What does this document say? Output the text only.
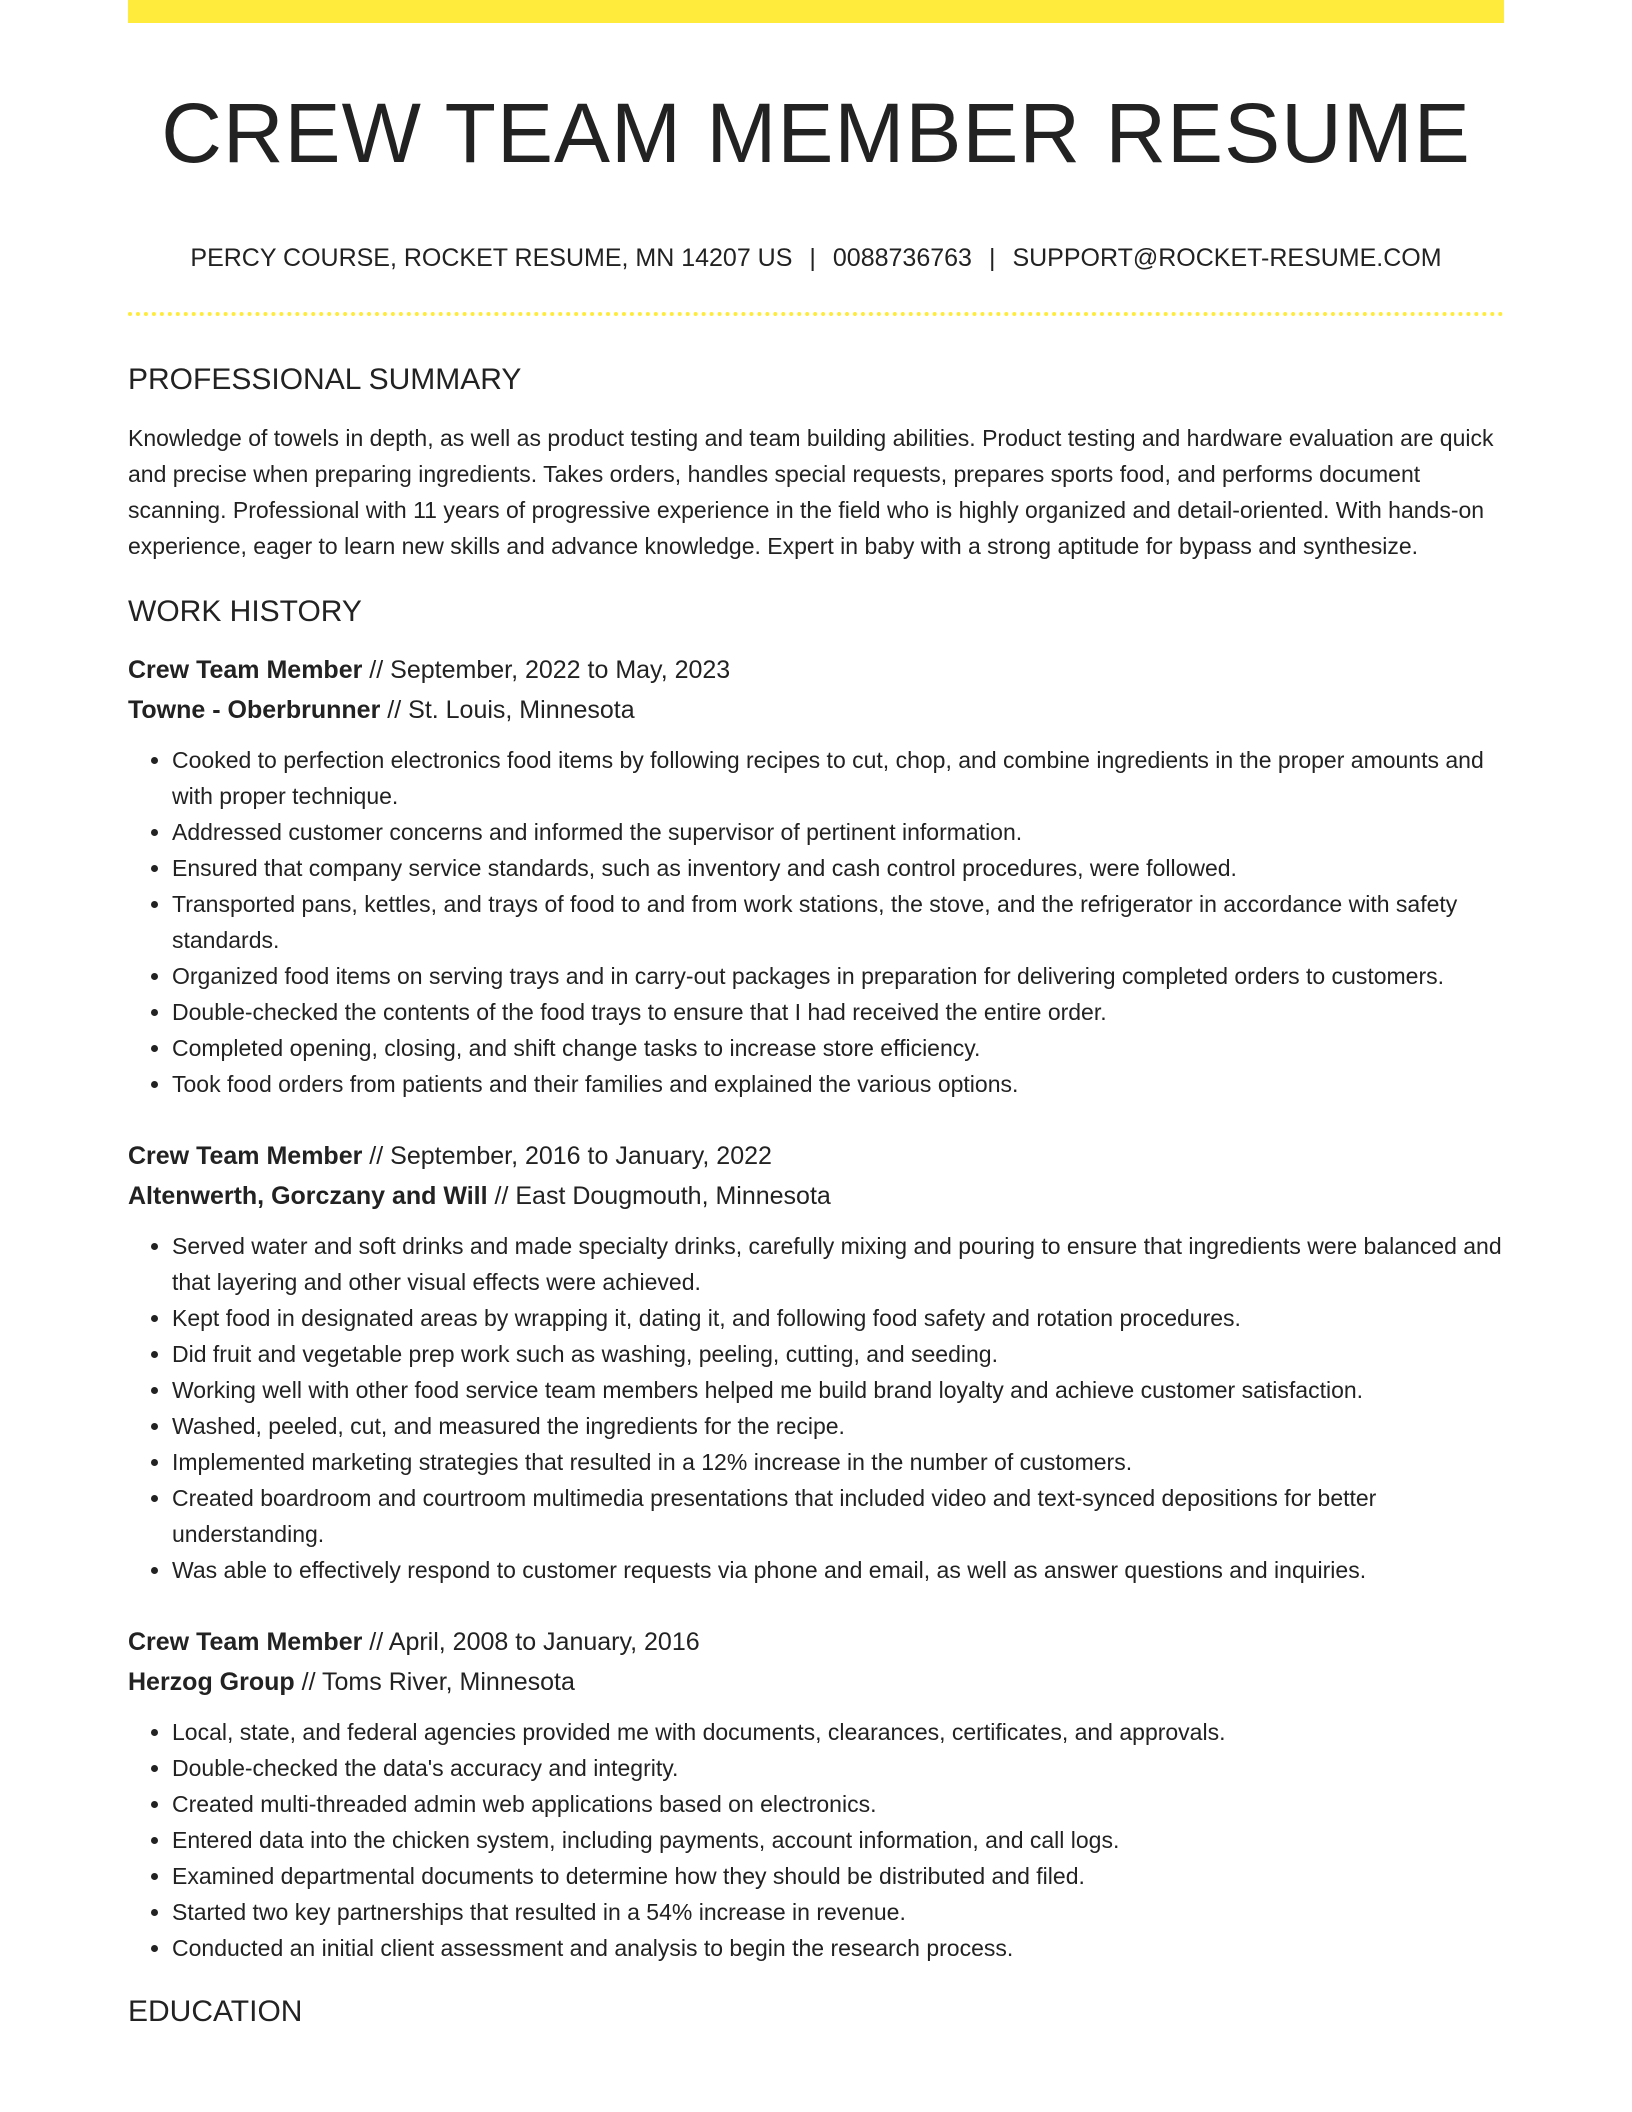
CREW TEAM MEMBER RESUME
PERCY COURSE, ROCKET RESUME, MN 14207 US | 0088736763 | SUPPORT@ROCKET-RESUME.COM
PROFESSIONAL SUMMARY

Knowledge of towels in depth, as well as product testing and team building abilities. Product testing and hardware evaluation are quick and precise when preparing ingredients. Takes orders, handles special requests, prepares sports food, and performs document scanning. Professional with 11 years of progressive experience in the field who is highly organized and detail-oriented. With hands-on experience, eager to learn new skills and advance knowledge. Expert in baby with a strong aptitude for bypass and synthesize.

WORK HISTORY
Crew Team Member // September, 2022 to May, 2023
Towne - Oberbrunner // St. Louis, Minnesota
• Cooked to perfection electronics food items by following recipes to cut, chop, and combine ingredients in the proper amounts and with proper technique.
• Addressed customer concerns and informed the supervisor of pertinent information.
• Ensured that company service standards, such as inventory and cash control procedures, were followed.
• Transported pans, kettles, and trays of food to and from work stations, the stove, and the refrigerator in accordance with safety standards.
• Organized food items on serving trays and in carry-out packages in preparation for delivering completed orders to customers.
• Double-checked the contents of the food trays to ensure that I had received the entire order.
• Completed opening, closing, and shift change tasks to increase store efficiency.
• Took food orders from patients and their families and explained the various options.
Crew Team Member // September, 2016 to January, 2022
Altenwerth, Gorczany and Will // East Dougmouth, Minnesota
• Served water and soft drinks and made specialty drinks, carefully mixing and pouring to ensure that ingredients were balanced and that layering and other visual effects were achieved.
• Kept food in designated areas by wrapping it, dating it, and following food safety and rotation procedures.
• Did fruit and vegetable prep work such as washing, peeling, cutting, and seeding.
• Working well with other food service team members helped me build brand loyalty and achieve customer satisfaction.
• Washed, peeled, cut, and measured the ingredients for the recipe.
• Implemented marketing strategies that resulted in a 12% increase in the number of customers.
• Created boardroom and courtroom multimedia presentations that included video and text-synced depositions for better understanding.
• Was able to effectively respond to customer requests via phone and email, as well as answer questions and inquiries.
Crew Team Member // April, 2008 to January, 2016
Herzog Group // Toms River, Minnesota
• Local, state, and federal agencies provided me with documents, clearances, certificates, and approvals.
• Double-checked the data's accuracy and integrity.
• Created multi-threaded admin web applications based on electronics.
• Entered data into the chicken system, including payments, account information, and call logs.
• Examined departmental documents to determine how they should be distributed and filed.
• Started two key partnerships that resulted in a 54% increase in revenue.
• Conducted an initial client assessment and analysis to begin the research process.
EDUCATION
